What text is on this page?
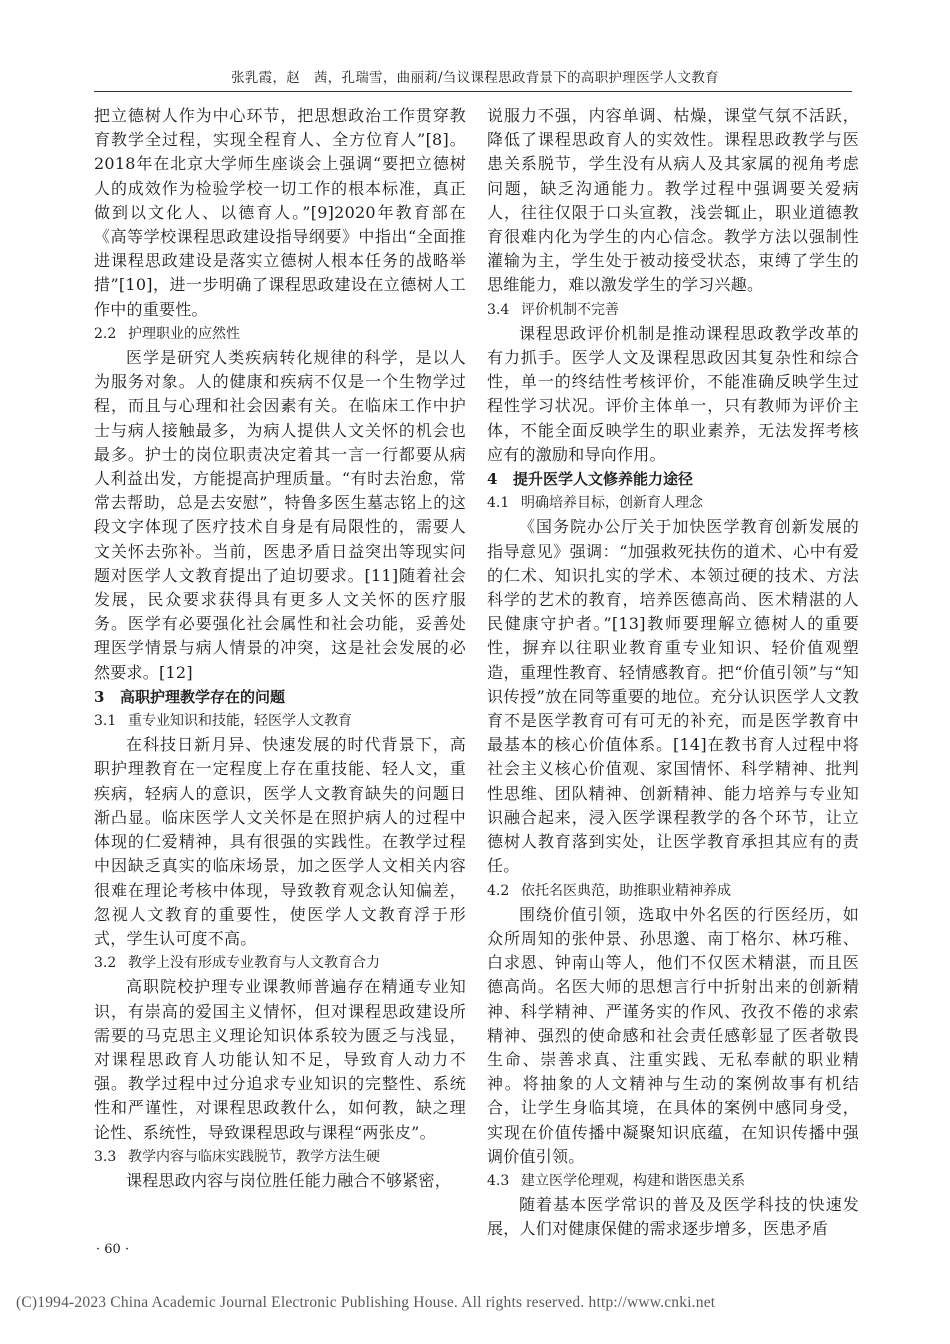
张乳霞，赵　茜，孔瑞雪，曲丽莉/刍议课程思政背景下的高职护理医学人文教育

把立德树人作为中心环节，把思想政治工作贯穿教育教学全过程，实现全程育人、全方位育人”[8]。2018年在北京大学师生座谈会上强调“要把立德树人的成效作为检验学校一切工作的根本标准，真正做到以文化人、以德育人。”[9]2020年教育部在《高等学校课程思政建设指导纲要》中指出“全面推进课程思政建设是落实立德树人根本任务的战略举措”[10]，进一步明确了课程思政建设在立德树人工作中的重要性。

2.2 护理职业的应然性

医学是研究人类疾病转化规律的科学，是以人为服务对象。人的健康和疾病不仅是一个生物学过程，而且与心理和社会因素有关。在临床工作中护士与病人接触最多，为病人提供人文关怀的机会也最多。护士的岗位职责决定着其一言一行都要从病人利益出发，方能提高护理质量。“有时去治愈，常常去帮助，总是去安慰”，特鲁多医生墓志铭上的这段文字体现了医疗技术自身是有局限性的，需要人文关怀去弥补。当前，医患矛盾日益突出等现实问题对医学人文教育提出了迫切要求。[11]随着社会发展，民众要求获得具有更多人文关怀的医疗服务。医学有必要强化社会属性和社会功能，妥善处理医学情景与病人情景的冲突，这是社会发展的必然要求。[12]

3 高职护理教学存在的问题
3.1 重专业知识和技能，轻医学人文教育

在科技日新月异、快速发展的时代背景下，高职护理教育在一定程度上存在重技能、轻人文，重疾病，轻病人的意识，医学人文教育缺失的问题日渐凸显。临床医学人文关怀是在照护病人的过程中体现的仁爱精神，具有很强的实践性。在教学过程中因缺乏真实的临床场景，加之医学人文相关内容很难在理论考核中体现，导致教育观念认知偏差，忽视人文教育的重要性，使医学人文教育浮于形式，学生认可度不高。

3.2 教学上没有形成专业教育与人文教育合力

高职院校护理专业课教师普遍存在精通专业知识，有崇高的爱国主义情怀，但对课程思政建设所需要的马克思主义理论知识体系较为匮乏与浅显，对课程思政育人功能认知不足，导致育人动力不强。教学过程中过分追求专业知识的完整性、系统性和严谨性，对课程思政教什么，如何教，缺之理论性、系统性，导致课程思政与课程“两张皮”。

3.3 教学内容与临床实践脱节，教学方法生硬

课程思政内容与岗位胜任能力融合不够紧密，

说服力不强，内容单调、枯燥，课堂气氛不活跃，降低了课程思政育人的实效性。课程思政教学与医患关系脱节，学生没有从病人及其家属的视角考虑问题，缺乏沟通能力。教学过程中强调要关爱病人，往往仅限于口头宣教，浅尝辄止，职业道德教育很难内化为学生的内心信念。教学方法以强制性灌输为主，学生处于被动接受状态，束缚了学生的思维能力，难以激发学生的学习兴趣。

3.4 评价机制不完善

课程思政评价机制是推动课程思政教学改革的有力抓手。医学人文及课程思政因其复杂性和综合性，单一的终结性考核评价，不能准确反映学生过程性学习状况。评价主体单一，只有教师为评价主体，不能全面反映学生的职业素养，无法发挥考核应有的激励和导向作用。

4 提升医学人文修养能力途径
4.1 明确培养目标，创新育人理念

《国务院办公厅关于加快医学教育创新发展的指导意见》强调：“加强救死扶伤的道术、心中有爱的仁术、知识扎实的学术、本领过硬的技术、方法科学的艺术的教育，培养医德高尚、医术精湛的人民健康守护者。”[13]教师要理解立德树人的重要性，摒弃以往职业教育重专业知识、轻价值观塑造，重理性教育、轻情感教育。把“价值引领”与“知识传授”放在同等重要的地位。充分认识医学人文教育不是医学教育可有可无的补充，而是医学教育中最基本的核心价值体系。[14]在教书育人过程中将社会主义核心价值观、家国情怀、科学精神、批判性思维、团队精神、创新精神、能力培养与专业知识融合起来，浸入医学课程教学的各个环节，让立德树人教育落到实处，让医学教育承担其应有的责任。

4.2 依托名医典范，助推职业精神养成

围绕价值引领，选取中外名医的行医经历，如众所周知的张仲景、孙思邈、南丁格尔、林巧稚、白求恩、钟南山等人，他们不仅医术精湛，而且医德高尚。名医大师的思想言行中折射出来的创新精神、科学精神、严谨务实的作风、孜孜不倦的求索精神、强烈的使命感和社会责任感彰显了医者敬畏生命、崇善求真、注重实践、无私奉献的职业精神。将抽象的人文精神与生动的案例故事有机结合，让学生身临其境，在具体的案例中感同身受，实现在价值传播中凝聚知识底蕴，在知识传播中强调价值引领。

4.3 建立医学伦理观，构建和谐医患关系

随着基本医学常识的普及及医学科技的快速发展，人们对健康保健的需求逐步增多，医患矛盾

· 60 ·
(C)1994-2023 China Academic Journal Electronic Publishing House. All rights reserved. http://www.cnki.net
